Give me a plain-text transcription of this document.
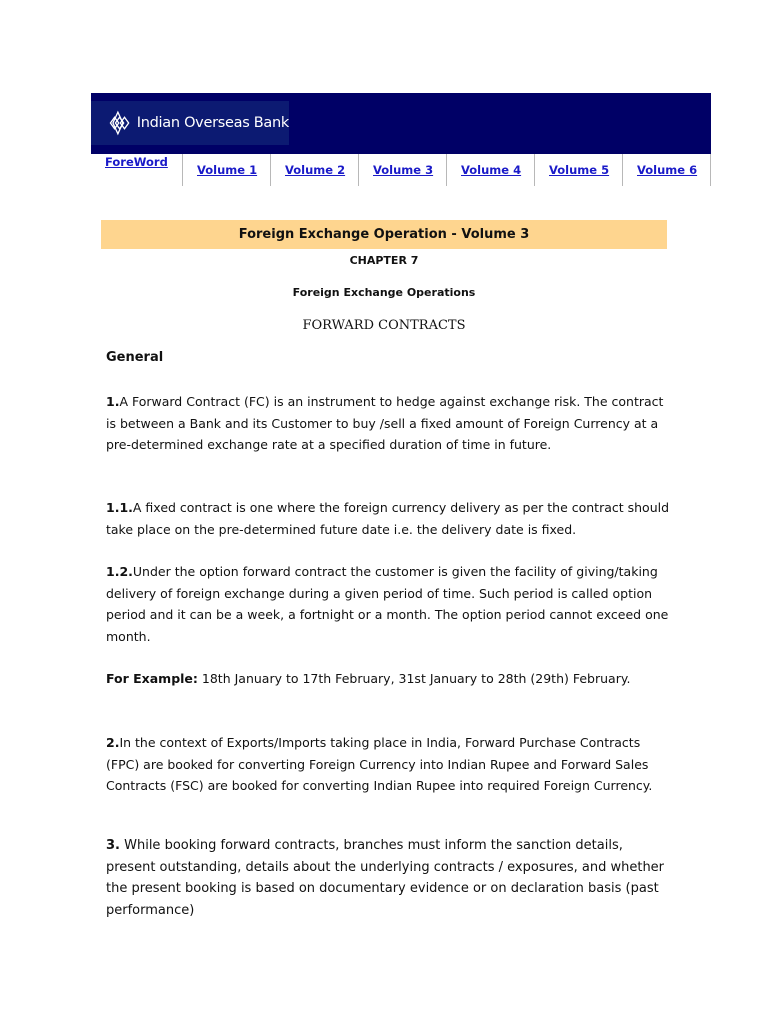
Indian Overseas Bank
ForeWord
Volume 1 Volume 2 Volume 3 Volume 4 Volume 5 Volume 6
Foreign Exchange Operation - Volume 3
CHAPTER 7
Foreign Exchange Operations
FORWARD CONTRACTS
General

1.A Forward Contract (FC) is an instrument to hedge against exchange risk. The contract is between a Bank and its Customer to buy /sell a fixed amount of Foreign Currency at a pre-determined exchange rate at a specified duration of time in future.

1.1.A fixed contract is one where the foreign currency delivery as per the contract should take place on the pre-determined future date i.e. the delivery date is fixed.

1.2.Under the option forward contract the customer is given the facility of giving/taking delivery of foreign exchange during a given period of time. Such period is called option period and it can be a week, a fortnight or a month. The option period cannot exceed one month.

For Example: 18th January to 17th February, 31st January to 28th (29th) February.

2.In the context of Exports/Imports taking place in India, Forward Purchase Contracts (FPC) are booked for converting Foreign Currency into Indian Rupee and Forward Sales Contracts (FSC) are booked for converting Indian Rupee into required Foreign Currency.

3. While booking forward contracts, branches must inform the sanction details, present outstanding, details about the underlying contracts / exposures, and whether the present booking is based on documentary evidence or on declaration basis (past performance)
